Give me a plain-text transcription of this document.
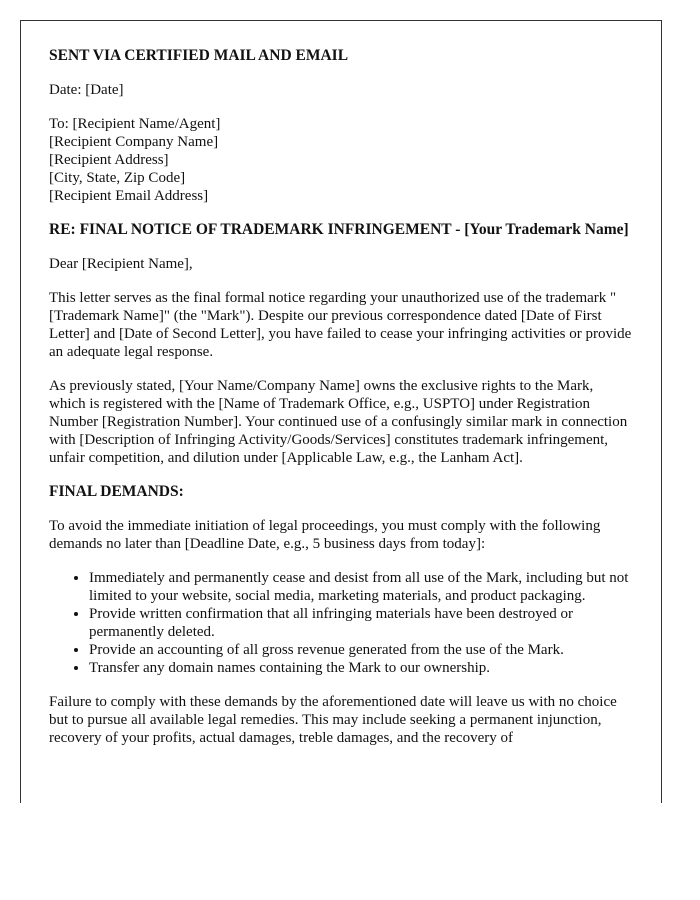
SENT VIA CERTIFIED MAIL AND EMAIL

Date: [Date]

To: [Recipient Name/Agent]
[Recipient Company Name]
[Recipient Address]
[City, State, Zip Code]
[Recipient Email Address]

RE: FINAL NOTICE OF TRADEMARK INFRINGEMENT - [Your Trademark Name]

Dear [Recipient Name],

This letter serves as the final formal notice regarding your unauthorized use of the trademark "[Trademark Name]" (the "Mark"). Despite our previous correspondence dated [Date of First Letter] and [Date of Second Letter], you have failed to cease your infringing activities or provide an adequate legal response.

As previously stated, [Your Name/Company Name] owns the exclusive rights to the Mark, which is registered with the [Name of Trademark Office, e.g., USPTO] under Registration Number [Registration Number]. Your continued use of a confusingly similar mark in connection with [Description of Infringing Activity/Goods/Services] constitutes trademark infringement, unfair competition, and dilution under [Applicable Law, e.g., the Lanham Act].

FINAL DEMANDS:

To avoid the immediate initiation of legal proceedings, you must comply with the following demands no later than [Deadline Date, e.g., 5 business days from today]:

• Immediately and permanently cease and desist from all use of the Mark, including but not limited to your website, social media, marketing materials, and product packaging.
• Provide written confirmation that all infringing materials have been destroyed or permanently deleted.
• Provide an accounting of all gross revenue generated from the use of the Mark.
• Transfer any domain names containing the Mark to our ownership.

Failure to comply with these demands by the aforementioned date will leave us with no choice but to pursue all available legal remedies. This may include seeking a permanent injunction, recovery of your profits, actual damages, treble damages, and the recovery of
